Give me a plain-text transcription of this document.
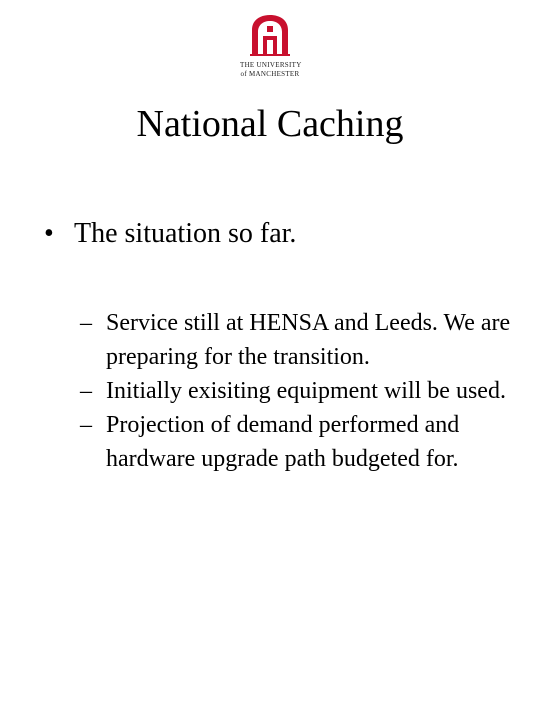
THE UNIVERSITY
of MANCHESTER
National Caching
• The situation so far.
– Service still at HENSA and Leeds. We are preparing for the transition.
– Initially exisiting equipment will be used.
– Projection of demand performed and hardware upgrade path budgeted for.
